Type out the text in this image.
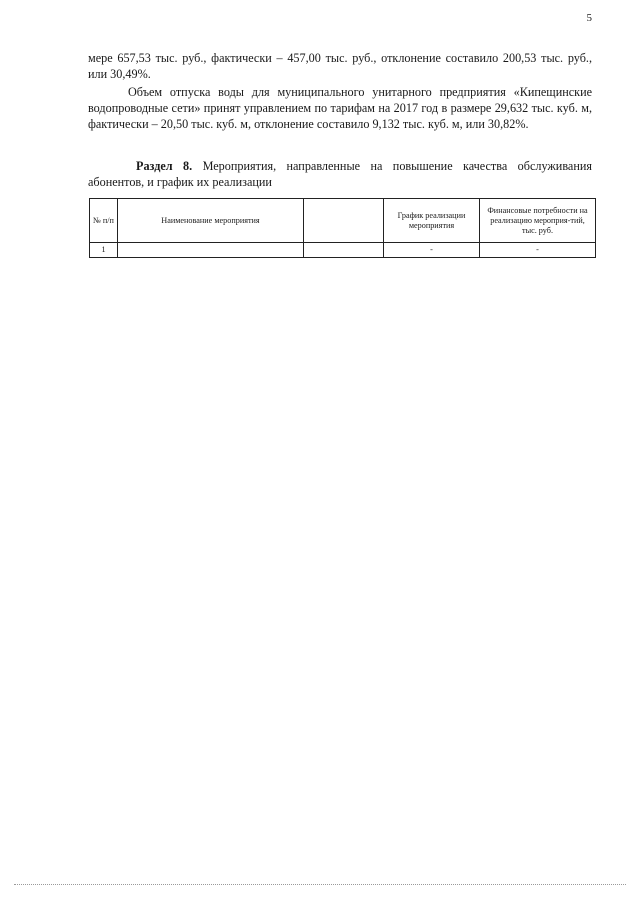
5

мере 657,53 тыс. руб., фактически – 457,00 тыс. руб., отклонение составило 200,53 тыс. руб., или 30,49%.

Объем отпуска воды для муниципального унитарного предприятия «Кипещинские водопроводные сети» принят управлением по тарифам на 2017 год в размере 29,632 тыс. куб. м, фактически – 20,50 тыс. куб. м, отклонение составило 9,132 тыс. куб. м, или 30,82%.

Раздел 8. Мероприятия, направленные на повышение качества обслуживания абонентов, и график их реализации

№ п/п	Наименование мероприятия		График реализации мероприятия	Финансовые потребности на реализацию мероприя-тий, тыс. руб.
1			-	-
